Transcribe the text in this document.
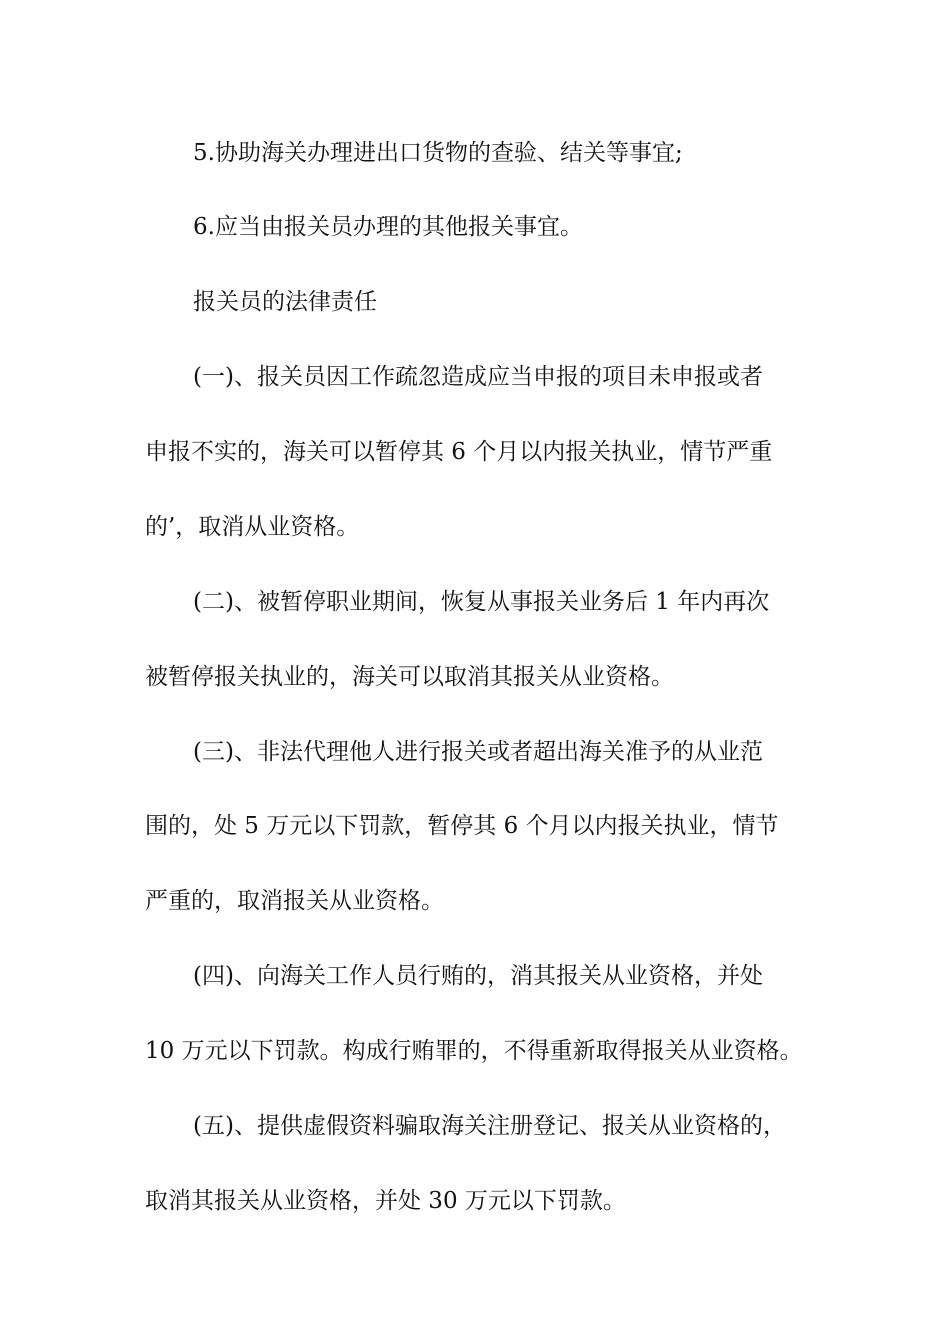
5.协助海关办理进出口货物的查验、结关等事宜;

6.应当由报关员办理的其他报关事宜。

报关员的法律责任

(一)、报关员因工作疏忽造成应当申报的项目未申报或者

申报不实的，海关可以暂停其 6 个月以内报关执业，情节严重

的’，取消从业资格。

(二)、被暂停职业期间，恢复从事报关业务后 1 年内再次

被暂停报关执业的，海关可以取消其报关从业资格。

(三)、非法代理他人进行报关或者超出海关准予的从业范

围的，处 5 万元以下罚款，暂停其 6 个月以内报关执业，情节

严重的，取消报关从业资格。

(四)、向海关工作人员行贿的，消其报关从业资格，并处

10 万元以下罚款。构成行贿罪的，不得重新取得报关从业资格。

(五)、提供虚假资料骗取海关注册登记、报关从业资格的，

取消其报关从业资格，并处 30 万元以下罚款。
